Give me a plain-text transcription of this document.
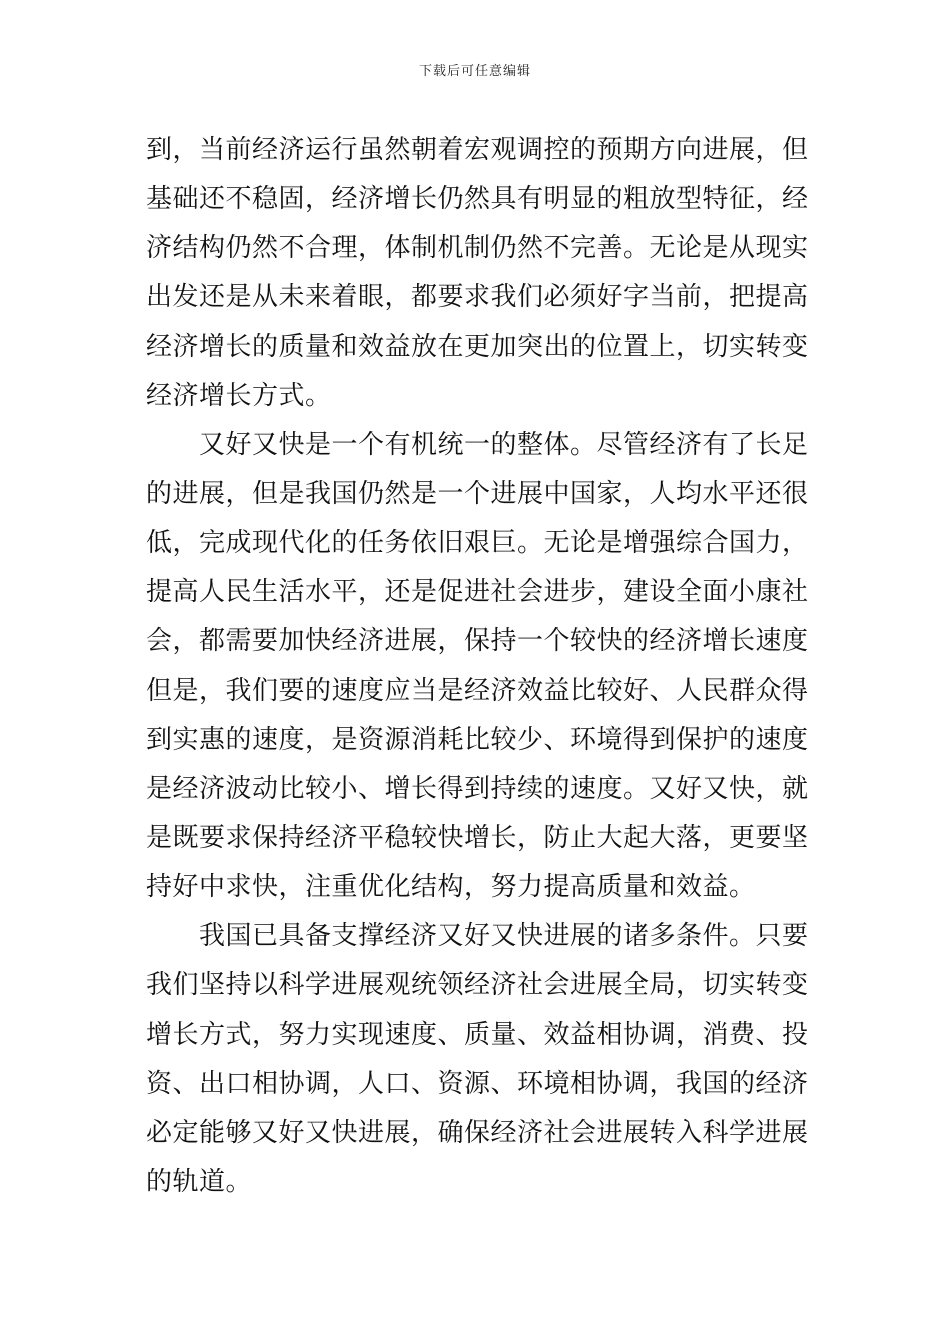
下载后可任意编辑
到，当前经济运行虽然朝着宏观调控的预期方向进展，但
基础还不稳固，经济增长仍然具有明显的粗放型特征，经
济结构仍然不合理，体制机制仍然不完善。无论是从现实
出发还是从未来着眼，都要求我们必须好字当前，把提高
经济增长的质量和效益放在更加突出的位置上，切实转变
经济增长方式。
又好又快是一个有机统一的整体。尽管经济有了长足
的进展，但是我国仍然是一个进展中国家，人均水平还很
低，完成现代化的任务依旧艰巨。无论是增强综合国力，
提高人民生活水平，还是促进社会进步，建设全面小康社
会，都需要加快经济进展，保持一个较快的经济增长速度
但是，我们要的速度应当是经济效益比较好、人民群众得
到实惠的速度，是资源消耗比较少、环境得到保护的速度
是经济波动比较小、增长得到持续的速度。又好又快，就
是既要求保持经济平稳较快增长，防止大起大落，更要坚
持好中求快，注重优化结构，努力提高质量和效益。
我国已具备支撑经济又好又快进展的诸多条件。只要
我们坚持以科学进展观统领经济社会进展全局，切实转变
增长方式，努力实现速度、质量、效益相协调，消费、投
资、出口相协调，人口、资源、环境相协调，我国的经济
必定能够又好又快进展，确保经济社会进展转入科学进展
的轨道。
